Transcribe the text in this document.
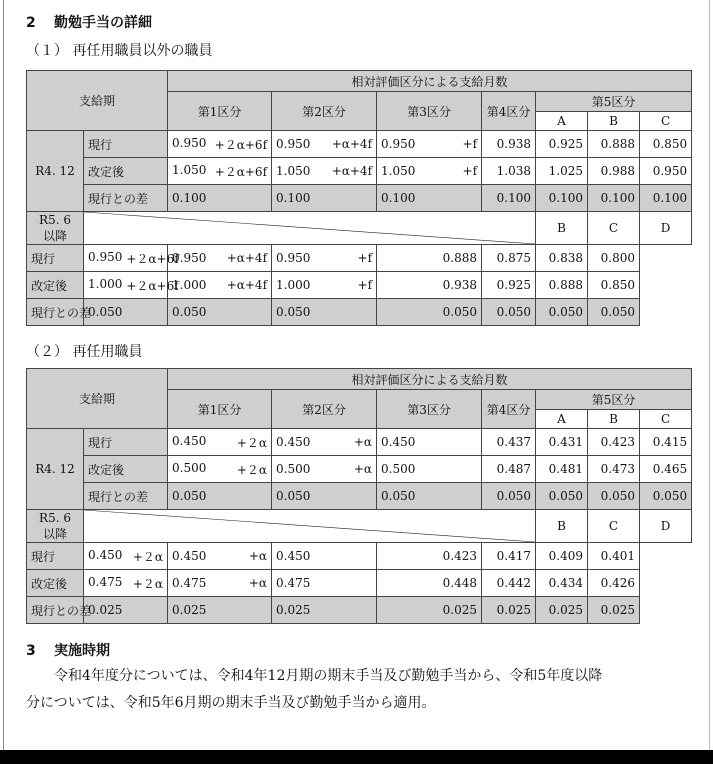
2 勤勉手当の詳細
（１） 再任用職員以外の職員
支給期		相対評価区分による支給月数						
		第1区分	第2区分	第3区分	第4区分	第5区分		
						A	B	C
R4. 12	現行	0.950 +２α+6f	0.950 +α+4f	0.950 +f	0.938	0.925	0.888	0.850
	改定後	1.050 +２α+6f	1.050 +α+4f	1.050 +f	1.038	1.025	0.988	0.950
	現行との差	0.100	0.100	0.100	0.100	0.100	0.100	0.100
R5. 6
以降						B	C	D
現行	0.950 +２α+6f	0.950 +α+4f	0.950 +f	0.888	0.875	0.838	0.800	
改定後	1.000 +２α+6f	1.000 +α+4f	1.000 +f	0.938	0.925	0.888	0.850	
現行との差	0.050	0.050	0.050	0.050	0.050	0.050	0.050	
（２） 再任用職員
支給期		相対評価区分による支給月数						
		第1区分	第2区分	第3区分	第4区分	第5区分		
						A	B	C
R4. 12	現行	0.450 +２α	0.450 +α	0.450	0.437	0.431	0.423	0.415
	改定後	0.500 +２α	0.500 +α	0.500	0.487	0.481	0.473	0.465
	現行との差	0.050	0.050	0.050	0.050	0.050	0.050	0.050
R5. 6
以降						B	C	D
現行	0.450 +２α	0.450 +α	0.450	0.423	0.417	0.409	0.401	
改定後	0.475 +２α	0.475 +α	0.475	0.448	0.442	0.434	0.426	
現行との差	0.025	0.025	0.025	0.025	0.025	0.025	0.025	
3 実施時期
令和4年度分については、令和4年12月期の期末手当及び勤勉手当から、令和5年度以降
分については、令和5年6月期の期末手当及び勤勉手当から適用。
